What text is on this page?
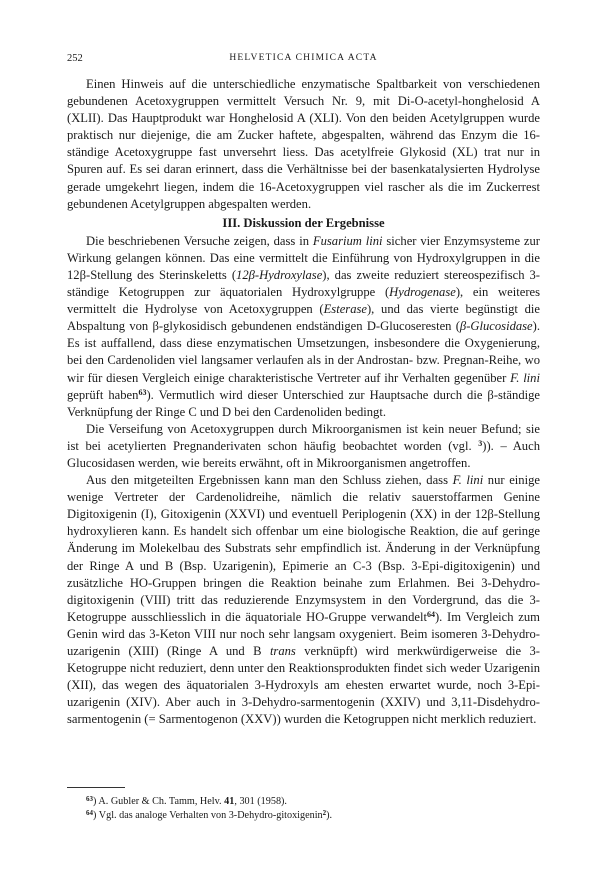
252	HELVETICA CHIMICA ACTA

Einen Hinweis auf die unterschiedliche enzymatische Spaltbarkeit von verschiedenen gebundenen Acetoxygruppen vermittelt Versuch Nr. 9, mit Di-O-acetyl-honghelosid A (XLII). Das Hauptprodukt war Honghelosid A (XLI). Von den beiden Acetylgruppen wurde praktisch nur diejenige, die am Zucker haftete, abgespalten, während das Enzym die 16-ständige Acetoxygruppe fast unversehrt liess. Das acetylfreie Glykosid (XL) trat nur in Spuren auf. Es sei daran erinnert, dass die Verhältnisse bei der basenkatalysierten Hydrolyse gerade umgekehrt liegen, indem die 16-Acetoxygruppen viel rascher als die im Zuckerrest gebundenen Acetylgruppen abgespalten werden.

III. Diskussion der Ergebnisse

Die beschriebenen Versuche zeigen, dass in Fusarium lini sicher vier Enzymsysteme zur Wirkung gelangen können. Das eine vermittelt die Einführung von Hydroxylgruppen in die 12β-Stellung des Sterinskeletts (12β-Hydroxylase), das zweite reduziert stereospezifisch 3-ständige Ketogruppen zur äquatorialen Hydroxylgruppe (Hydrogenase), ein weiteres vermittelt die Hydrolyse von Acetoxygruppen (Esterase), und das vierte begünstigt die Abspaltung von β-glykosidisch gebundenen endständigen D-Glucoseresten (β-Glucosidase). Es ist auffallend, dass diese enzymatischen Umsetzungen, insbesondere die Oxygenierung, bei den Cardenoliden viel langsamer verlaufen als in der Androstan- bzw. Pregnan-Reihe, wo wir für diesen Vergleich einige charakteristische Vertreter auf ihr Verhalten gegenüber F. lini geprüft haben$^{63}$). Vermutlich wird dieser Unterschied zur Hauptsache durch die β-ständige Verknüpfung der Ringe C und D bei den Cardenoliden bedingt.

Die Verseifung von Acetoxygruppen durch Mikroorganismen ist kein neuer Befund; sie ist bei acetylierten Pregnanderivaten schon häufig beobachtet worden (vgl. $^3$)). – Auch Glucosidasen werden, wie bereits erwähnt, oft in Mikroorganismen angetroffen.

Aus den mitgeteilten Ergebnissen kann man den Schluss ziehen, dass F. lini nur einige wenige Vertreter der Cardenolidreihe, nämlich die relativ sauerstoffarmen Genine Digitoxigenin (I), Gitoxigenin (XXVI) und eventuell Periplogenin (XX) in der 12β-Stellung hydroxylieren kann. Es handelt sich offenbar um eine biologische Reaktion, die auf geringe Änderung im Molekelbau des Substrats sehr empfindlich ist. Änderung in der Verknüpfung der Ringe A und B (Bsp. Uzarigenin), Epimerie an C-3 (Bsp. 3-Epi-digitoxigenin) und zusätzliche HO-Gruppen bringen die Reaktion beinahe zum Erlahmen. Bei 3-Dehydro-digitoxigenin (VIII) tritt das reduzierende Enzymsystem in den Vordergrund, das die 3-Ketogruppe ausschliesslich in die äquatoriale HO-Gruppe verwandelt$^{64}$). Im Vergleich zum Genin wird das 3-Keton VIII nur noch sehr langsam oxygeniert. Beim isomeren 3-Dehydro-uzarigenin (XIII) (Ringe A und B trans verknüpft) wird merkwürdigerweise die 3-Ketogruppe nicht reduziert, denn unter den Reaktionsprodukten findet sich weder Uzarigenin (XII), das wegen des äquatorialen 3-Hydroxyls am ehesten erwartet wurde, noch 3-Epi-uzarigenin (XIV). Aber auch in 3-Dehydro-sarmentogenin (XXIV) und 3,11-Disdehydro-sarmentogenin (= Sarmentogenon (XXV)) wurden die Ketogruppen nicht merklich reduziert.

$^{63}$) A. Gubler & Ch. Tamm, Helv. 41, 301 (1958).

$^{64}$) Vgl. das analoge Verhalten von 3-Dehydro-gitoxigenin$^2$).
